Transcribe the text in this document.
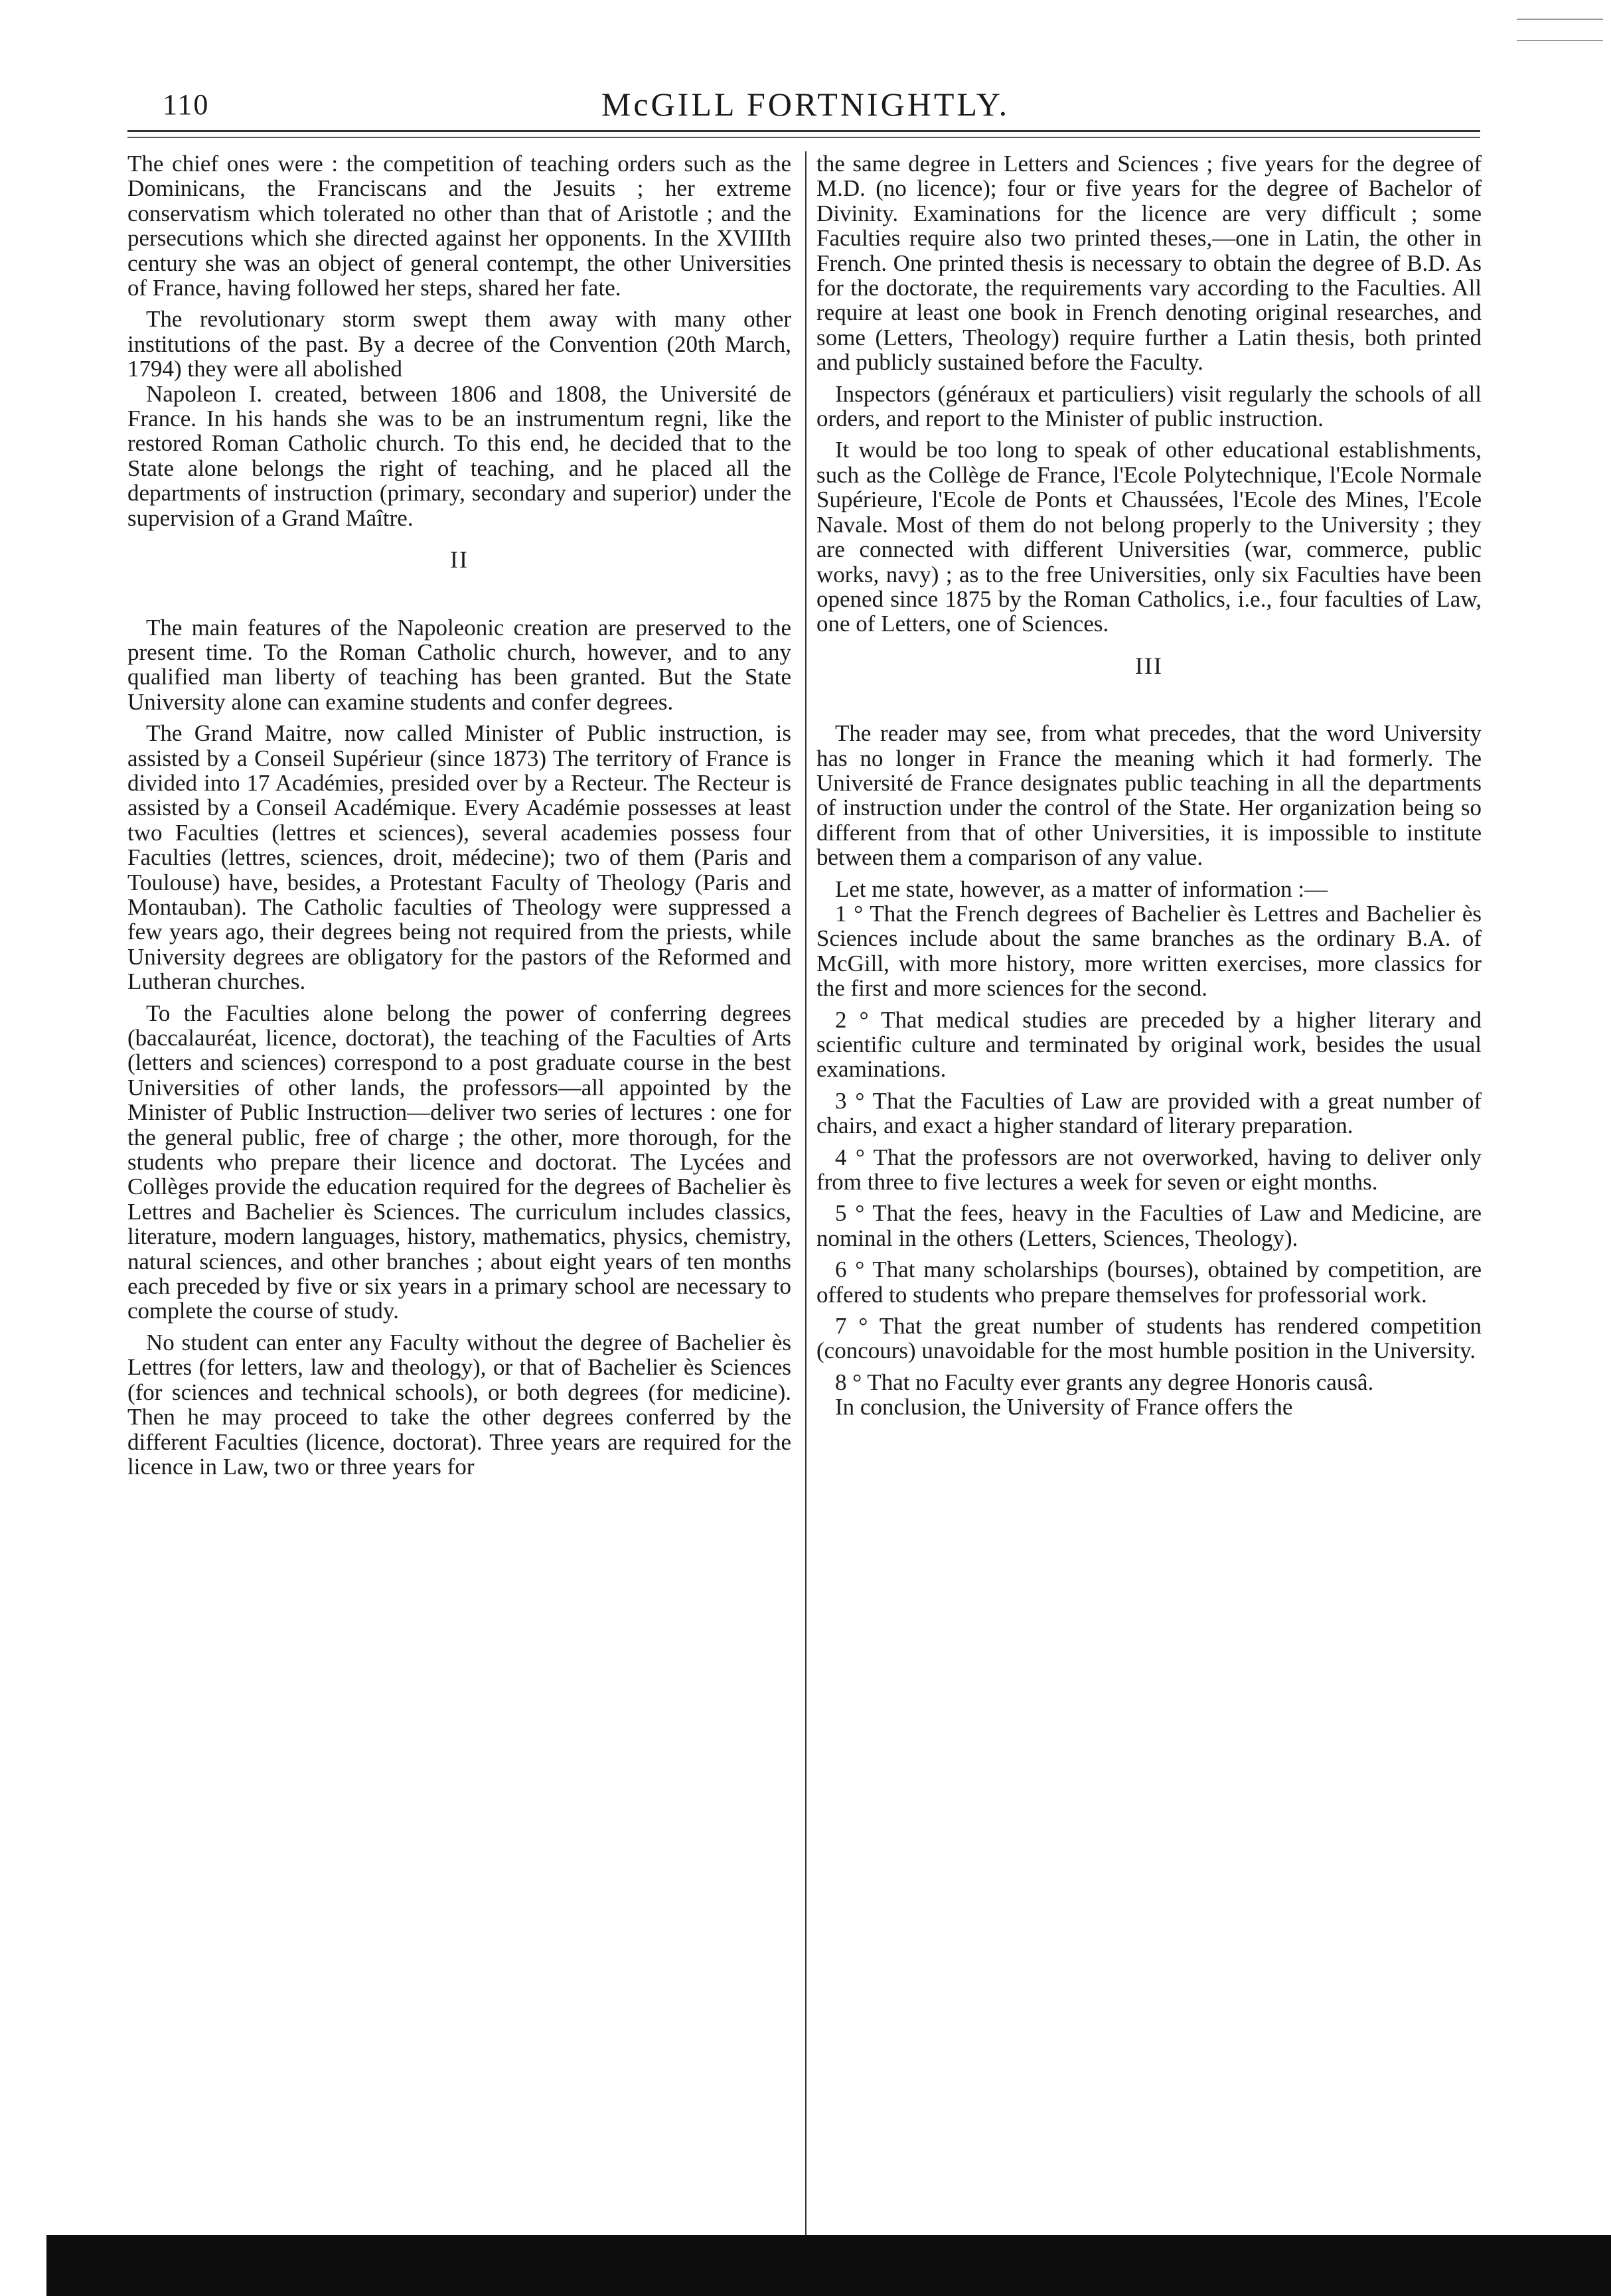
110	McGILL FORTNIGHTLY.

The chief ones were : the competition of teaching orders such as the Dominicans, the Franciscans and the Jesuits ; her extreme conservatism which tolerated no other than that of Aristotle ; and the persecutions which she directed against her opponents. In the XVIIIth century she was an object of general contempt, the other Universities of France, having followed her steps, shared her fate.

The revolutionary storm swept them away with many other institutions of the past. By a decree of the Convention (20th March, 1794) they were all abolished

Napoleon I. created, between 1806 and 1808, the Université de France. In his hands she was to be an instrumentum regni, like the restored Roman Catholic church. To this end, he decided that to the State alone belongs the right of teaching, and he placed all the departments of instruction (primary, secondary and superior) under the supervision of a Grand Maître.

II

The main features of the Napoleonic creation are preserved to the present time. To the Roman Catholic church, however, and to any qualified man liberty of teaching has been granted. But the State University alone can examine students and confer degrees.

The Grand Maitre, now called Minister of Public instruction, is assisted by a Conseil Supérieur (since 1873) The territory of France is divided into 17 Académies, presided over by a Recteur. The Recteur is assisted by a Conseil Académique. Every Académie possesses at least two Faculties (lettres et sciences), several academies possess four Faculties (lettres, sciences, droit, médecine); two of them (Paris and Toulouse) have, besides, a Protestant Faculty of Theology (Paris and Montauban). The Catholic faculties of Theology were suppressed a few years ago, their degrees being not required from the priests, while University degrees are obligatory for the pastors of the Reformed and Lutheran churches.

To the Faculties alone belong the power of conferring degrees (baccalauréat, licence, doctorat), the teaching of the Faculties of Arts (letters and sciences) correspond to a post graduate course in the best Universities of other lands, the professors—all appointed by the Minister of Public Instruction—deliver two series of lectures : one for the general public, free of charge ; the other, more thorough, for the students who prepare their licence and doctorat. The Lycées and Collèges provide the education required for the degrees of Bachelier ès Lettres and Bachelier ès Sciences. The curriculum includes classics, literature, modern languages, history, mathematics, physics, chemistry, natural sciences, and other branches ; about eight years of ten months each preceded by five or six years in a primary school are necessary to complete the course of study.

No student can enter any Faculty without the degree of Bachelier ès Lettres (for letters, law and theology), or that of Bachelier ès Sciences (for sciences and technical schools), or both degrees (for medicine). Then he may proceed to take the other degrees conferred by the different Faculties (licence, doctorat). Three years are required for the licence in Law, two or three years for

the same degree in Letters and Sciences ; five years for the degree of M.D. (no licence); four or five years for the degree of Bachelor of Divinity. Examinations for the licence are very difficult ; some Faculties require also two printed theses,—one in Latin, the other in French. One printed thesis is necessary to obtain the degree of B.D. As for the doctorate, the requirements vary according to the Faculties. All require at least one book in French denoting original researches, and some (Letters, Theology) require further a Latin thesis, both printed and publicly sustained before the Faculty.

Inspectors (généraux et particuliers) visit regularly the schools of all orders, and report to the Minister of public instruction.

It would be too long to speak of other educational establishments, such as the Collège de France, l'Ecole Polytechnique, l'Ecole Normale Supérieure, l'Ecole de Ponts et Chaussées, l'Ecole des Mines, l'Ecole Navale. Most of them do not belong properly to the University ; they are connected with different Universities (war, commerce, public works, navy) ; as to the free Universities, only six Faculties have been opened since 1875 by the Roman Catholics, i.e., four faculties of Law, one of Letters, one of Sciences.

III

The reader may see, from what precedes, that the word University has no longer in France the meaning which it had formerly. The Université de France designates public teaching in all the departments of instruction under the control of the State. Her organization being so different from that of other Universities, it is impossible to institute between them a comparison of any value.

Let me state, however, as a matter of information :—

1 ° That the French degrees of Bachelier ès Lettres and Bachelier ès Sciences include about the same branches as the ordinary B.A. of McGill, with more history, more written exercises, more classics for the first and more sciences for the second.

2 ° That medical studies are preceded by a higher literary and scientific culture and terminated by original work, besides the usual examinations.

3 ° That the Faculties of Law are provided with a great number of chairs, and exact a higher standard of literary preparation.

4 ° That the professors are not overworked, having to deliver only from three to five lectures a week for seven or eight months.

5 ° That the fees, heavy in the Faculties of Law and Medicine, are nominal in the others (Letters, Sciences, Theology).

6 ° That many scholarships (bourses), obtained by competition, are offered to students who prepare themselves for professorial work.

7 ° That the great number of students has rendered competition (concours) unavoidable for the most humble position in the University.

8 ° That no Faculty ever grants any degree Honoris causâ.

In conclusion, the University of France offers the
